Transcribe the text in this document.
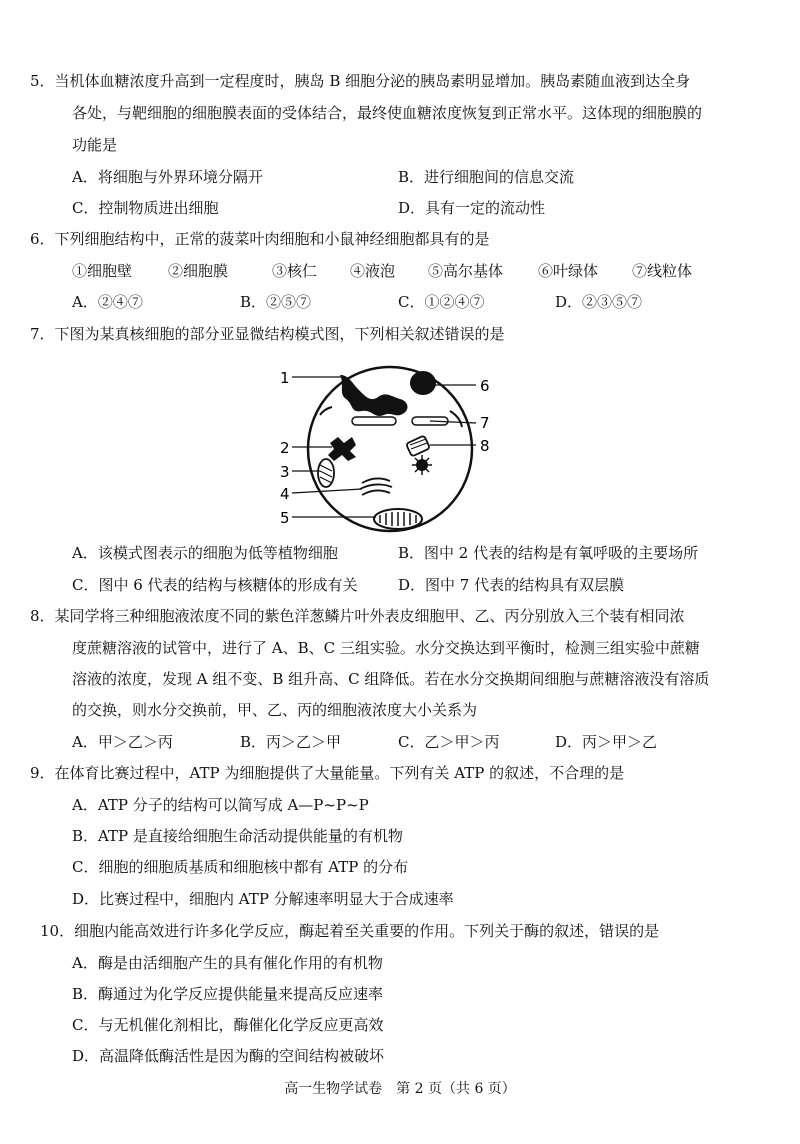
5．当机体血糖浓度升高到一定程度时，胰岛 B 细胞分泌的胰岛素明显增加。胰岛素随血液到达全身
各处，与靶细胞的细胞膜表面的受体结合，最终使血糖浓度恢复到正常水平。这体现的细胞膜的
功能是
A．将细胞与外界环境分隔开	B．进行细胞间的信息交流
C．控制物质进出细胞	D．具有一定的流动性
6．下列细胞结构中，正常的菠菜叶肉细胞和小鼠神经细胞都具有的是
①细胞壁 ②细胞膜	③核仁 ④液泡 ⑤高尔基体 ⑥叶绿体 ⑦线粒体
A．②④⑦	B．②⑤⑦	C．①②④⑦	D．②③⑤⑦
7．下图为某真核细胞的部分亚显微结构模式图，下列相关叙述错误的是
1
2
3
4
5
6
7
8
A．该模式图表示的细胞为低等植物细胞	B．图中 2 代表的结构是有氧呼吸的主要场所
C．图中 6 代表的结构与核糖体的形成有关	D．图中 7 代表的结构具有双层膜
8．某同学将三种细胞液浓度不同的紫色洋葱鳞片叶外表皮细胞甲、乙、丙分别放入三个装有相同浓
度蔗糖溶液的试管中，进行了 A、B、C 三组实验。水分交换达到平衡时，检测三组实验中蔗糖
溶液的浓度，发现 A 组不变、B 组升高、C 组降低。若在水分交换期间细胞与蔗糖溶液没有溶质
的交换，则水分交换前，甲、乙、丙的细胞液浓度大小关系为
A．甲＞乙＞丙	B．丙＞乙＞甲	C．乙＞甲＞丙	D．丙＞甲＞乙
9．在体育比赛过程中，ATP 为细胞提供了大量能量。下列有关 ATP 的叙述，不合理的是
A．ATP 分子的结构可以简写成 A—P~P~P
B．ATP 是直接给细胞生命活动提供能量的有机物
C．细胞的细胞质基质和细胞核中都有 ATP 的分布
D．比赛过程中，细胞内 ATP 分解速率明显大于合成速率
10．细胞内能高效进行许多化学反应，酶起着至关重要的作用。下列关于酶的叙述，错误的是
A．酶是由活细胞产生的具有催化作用的有机物
B．酶通过为化学反应提供能量来提高反应速率
C．与无机催化剂相比，酶催化化学反应更高效
D．高温降低酶活性是因为酶的空间结构被破坏
高一生物学试卷　第 2 页（共 6 页）
